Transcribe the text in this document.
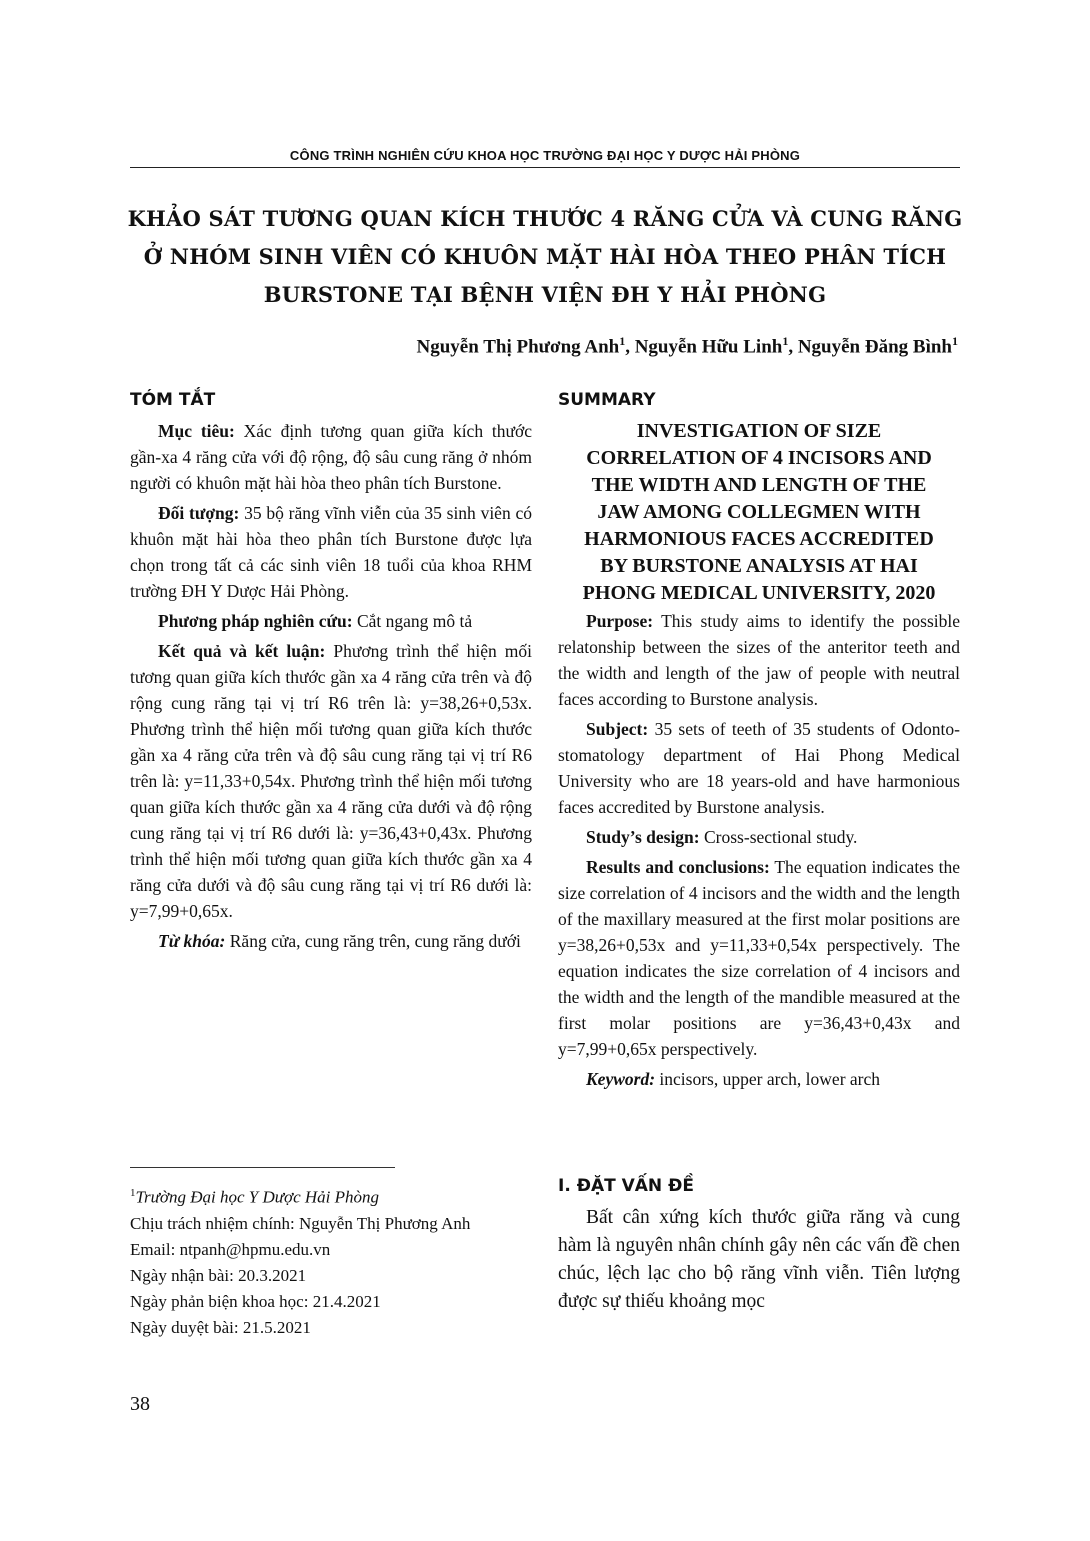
CÔNG TRÌNH NGHIÊN CỨU KHOA HỌC TRƯỜNG ĐẠI HỌC Y DƯỢC HẢI PHÒNG
KHẢO SÁT TƯƠNG QUAN KÍCH THƯỚC 4 RĂNG CỬA VÀ CUNG RĂNG
Ở NHÓM SINH VIÊN CÓ KHUÔN MẶT HÀI HÒA THEO PHÂN TÍCH
BURSTONE TẠI BỆNH VIỆN ĐH Y HẢI PHÒNG
Nguyễn Thị Phương Anh$^1$, Nguyễn Hữu Linh$^1$, Nguyễn Đăng Bình$^1$
TÓM TẮT

Mục tiêu: Xác định tương quan giữa kích thước gần-xa 4 răng cửa với độ rộng, độ sâu cung răng ở nhóm người có khuôn mặt hài hòa theo phân tích Burstone.

Đối tượng: 35 bộ răng vĩnh viễn của 35 sinh viên có khuôn mặt hài hòa theo phân tích Burstone được lựa chọn trong tất cả các sinh viên 18 tuổi của khoa RHM trường ĐH Y Dược Hải Phòng.

Phương pháp nghiên cứu: Cắt ngang mô tả

Kết quả và kết luận: Phương trình thể hiện mối tương quan giữa kích thước gần xa 4 răng cửa trên và độ rộng cung răng tại vị trí R6 trên là: y=38,26+0,53x. Phương trình thể hiện mối tương quan giữa kích thước gần xa 4 răng cửa trên và độ sâu cung răng tại vị trí R6 trên là: y=11,33+0,54x. Phương trình thể hiện mối tương quan giữa kích thước gần xa 4 răng cửa dưới và độ rộng cung răng tại vị trí R6 dưới là: y=36,43+0,43x. Phương trình thể hiện mối tương quan giữa kích thước gần xa 4 răng cửa dưới và độ sâu cung răng tại vị trí R6 dưới là: y=7,99+0,65x.

Từ khóa: Răng cửa, cung răng trên, cung răng dưới

SUMMARY
INVESTIGATION OF SIZE
CORRELATION OF 4 INCISORS AND
THE WIDTH AND LENGTH OF THE
JAW AMONG COLLEGMEN WITH
HARMONIOUS FACES ACCREDITED
BY BURSTONE ANALYSIS AT HAI
PHONG MEDICAL UNIVERSITY, 2020

Purpose: This study aims to identify the possible relatonship between the sizes of the anteritor teeth and the width and length of the jaw of people with neutral faces according to Burstone analysis.

Subject: 35 sets of teeth of 35 students of Odonto-stomatology department of Hai Phong Medical University who are 18 years-old and have harmonious faces accredited by Burstone analysis.

Study’s design: Cross-sectional study.

Results and conclusions: The equation indicates the size correlation of 4 incisors and the width and the length of the maxillary measured at the first molar positions are y=38,26+0,53x and y=11,33+0,54x perspectively. The equation indicates the size correlation of 4 incisors and the width and the length of the mandible measured at the first molar positions are y=36,43+0,43x and y=7,99+0,65x perspectively.

Keyword: incisors, upper arch, lower arch

I. ĐẶT VẤN ĐỀ
Bất cân xứng kích thước giữa răng và cung hàm là nguyên nhân chính gây nên các vấn đề chen chúc, lệch lạc cho bộ răng vĩnh viễn. Tiên lượng được sự thiếu khoảng mọc
$^1$Trường Đại học Y Dược Hải Phòng
Chịu trách nhiệm chính: Nguyễn Thị Phương Anh
Email: ntpanh@hpmu.edu.vn
Ngày nhận bài: 20.3.2021
Ngày phản biện khoa học: 21.4.2021
Ngày duyệt bài: 21.5.2021
38
